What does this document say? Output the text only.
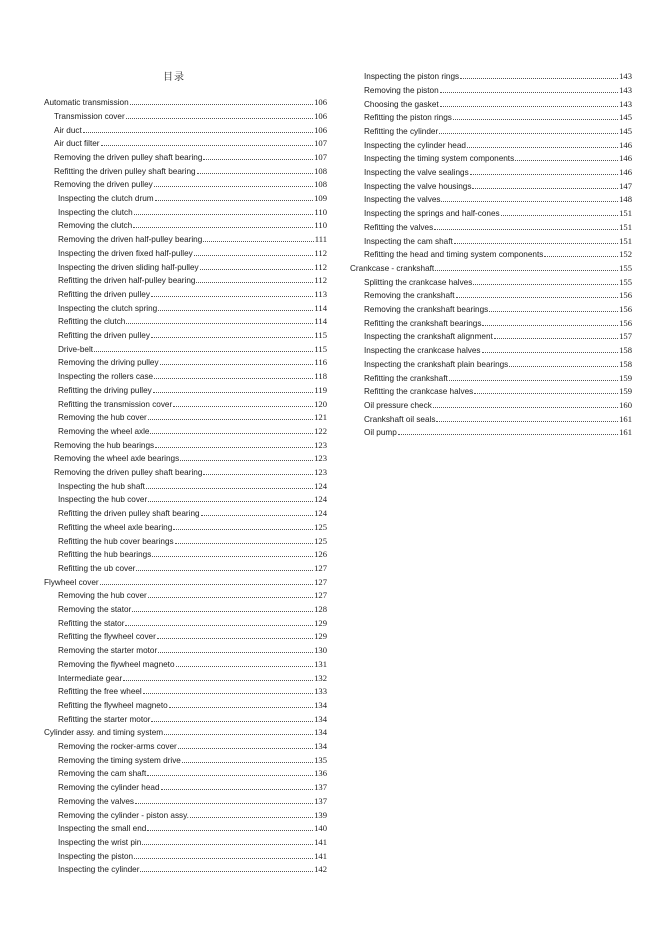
目录
Automatic transmission	106
Transmission cover	106
Air duct	106
Air duct filter	107
Removing the driven pulley shaft bearing	107
Refitting the driven pulley shaft bearing	108
Removing the driven pulley	108
Inspecting the clutch drum	109
Inspecting the clutch	110
Removing the clutch	110
Removing the driven half-pulley bearing	111
Inspecting the driven fixed half-pulley	112
Inspecting the driven sliding half-pulley	112
Refitting the driven half-pulley bearing	112
Refitting the driven pulley	113
Inspecting the clutch spring	114
Refitting the clutch	114
Refitting the driven pulley	115
Drive-belt	115
Removing the driving pulley	116
Inspecting the rollers case	118
Refitting the driving pulley	119
Refitting the transmission cover	120
Removing the hub cover	121
Removing the wheel axle	122
Removing the hub bearings	123
Removing the wheel axle bearings	123
Removing the driven pulley shaft bearing	123
Inspecting the hub shaft	124
Inspecting the hub cover	124
Refitting the driven pulley shaft bearing	124
Refitting the wheel axle bearing	125
Refitting the hub cover bearings	125
Refitting the hub bearings	126
Refitting the ub cover	127
Flywheel cover	127
Removing the hub cover	127
Removing the stator	128
Refitting the stator	129
Refitting the flywheel cover	129
Removing the starter motor	130
Removing the flywheel magneto	131
Intermediate gear	132
Refitting the free wheel	133
Refitting the flywheel magneto	134
Refitting the starter motor	134
Cylinder assy. and timing system	134
Removing the rocker-arms cover	134
Removing the timing system drive	135
Removing the cam shaft	136
Removing the cylinder head	137
Removing the valves	137
Removing the cylinder - piston assy.	139
Inspecting the small end	140
Inspecting the wrist pin	141
Inspecting the piston	141
Inspecting the cylinder	142
Inspecting the piston rings	143
Removing the piston	143
Choosing the gasket	143
Refitting the piston rings	145
Refitting the cylinder	145
Inspecting the cylinder head	146
Inspecting the timing system components	146
Inspecting the valve sealings	146
Inspecting the valve housings	147
Inspecting the valves	148
Inspecting the springs and half-cones	151
Refitting the valves	151
Inspecting the cam shaft	151
Refitting the head and timing system components	152
Crankcase - crankshaft	155
Splitting the crankcase halves	155
Removing the crankshaft	156
Removing the crankshaft bearings	156
Refitting the crankshaft bearings	156
Inspecting the crankshaft alignment	157
Inspecting the crankcase halves	158
Inspecting the crankshaft plain bearings	158
Refitting the crankshaft	159
Refitting the crankcase halves	159
Oil pressure check	160
Crankshaft oil seals	161
Oil pump	161
